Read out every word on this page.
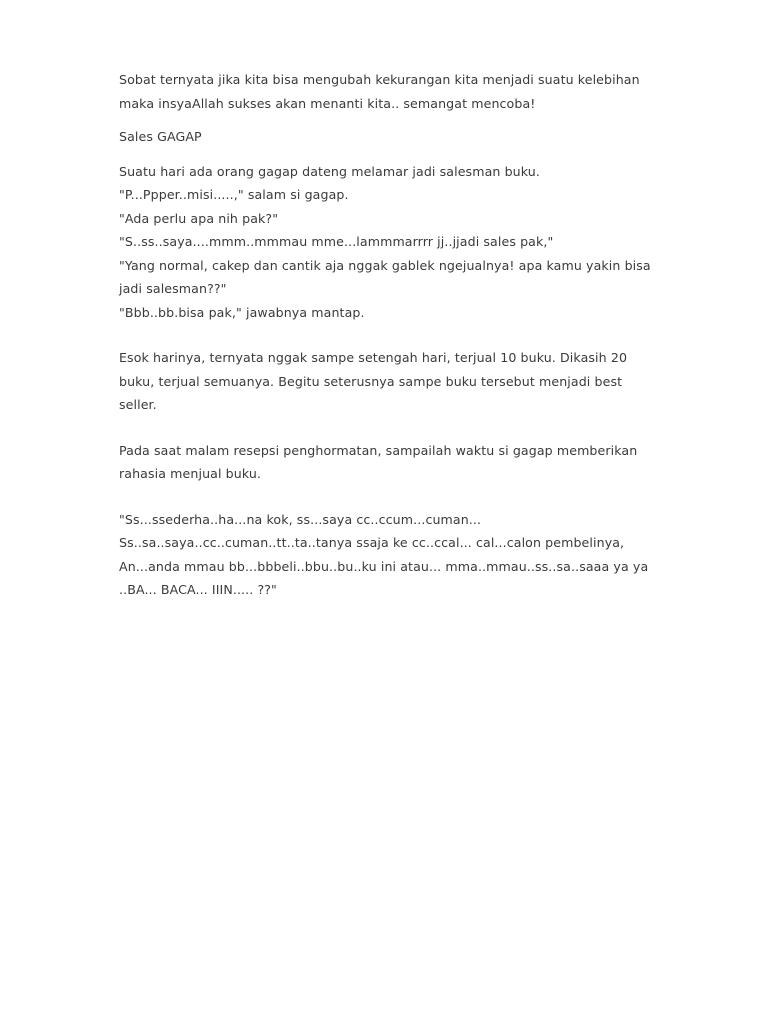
Sobat ternyata jika kita bisa mengubah kekurangan kita menjadi suatu kelebihan
maka insyaAllah sukses akan menanti kita.. semangat mencoba!
Sales GAGAP
Suatu hari ada orang gagap dateng melamar jadi salesman buku.
"P...Ppper..misi.....," salam si gagap.
"Ada perlu apa nih pak?"
"S..ss..saya....mmm..mmmau mme...lammmarrrr jj..jjadi sales pak,"
"Yang normal, cakep dan cantik aja nggak gablek ngejualnya! apa kamu yakin bisa
jadi salesman??"
"Bbb..bb.bisa pak," jawabnya mantap.
Esok harinya, ternyata nggak sampe setengah hari, terjual 10 buku. Dikasih 20
buku, terjual semuanya. Begitu seterusnya sampe buku tersebut menjadi best
seller.
Pada saat malam resepsi penghormatan, sampailah waktu si gagap memberikan
rahasia menjual buku.
"Ss...ssederha..ha...na kok, ss...saya cc..ccum...cuman...
Ss..sa..saya..cc..cuman..tt..ta..tanya ssaja ke cc..ccal... cal...calon pembelinya,
An...anda mmau bb...bbbeli..bbu..bu..ku ini atau... mma..mmau..ss..sa..saaa ya ya
..BA... BACA... IIIN..... ??"
